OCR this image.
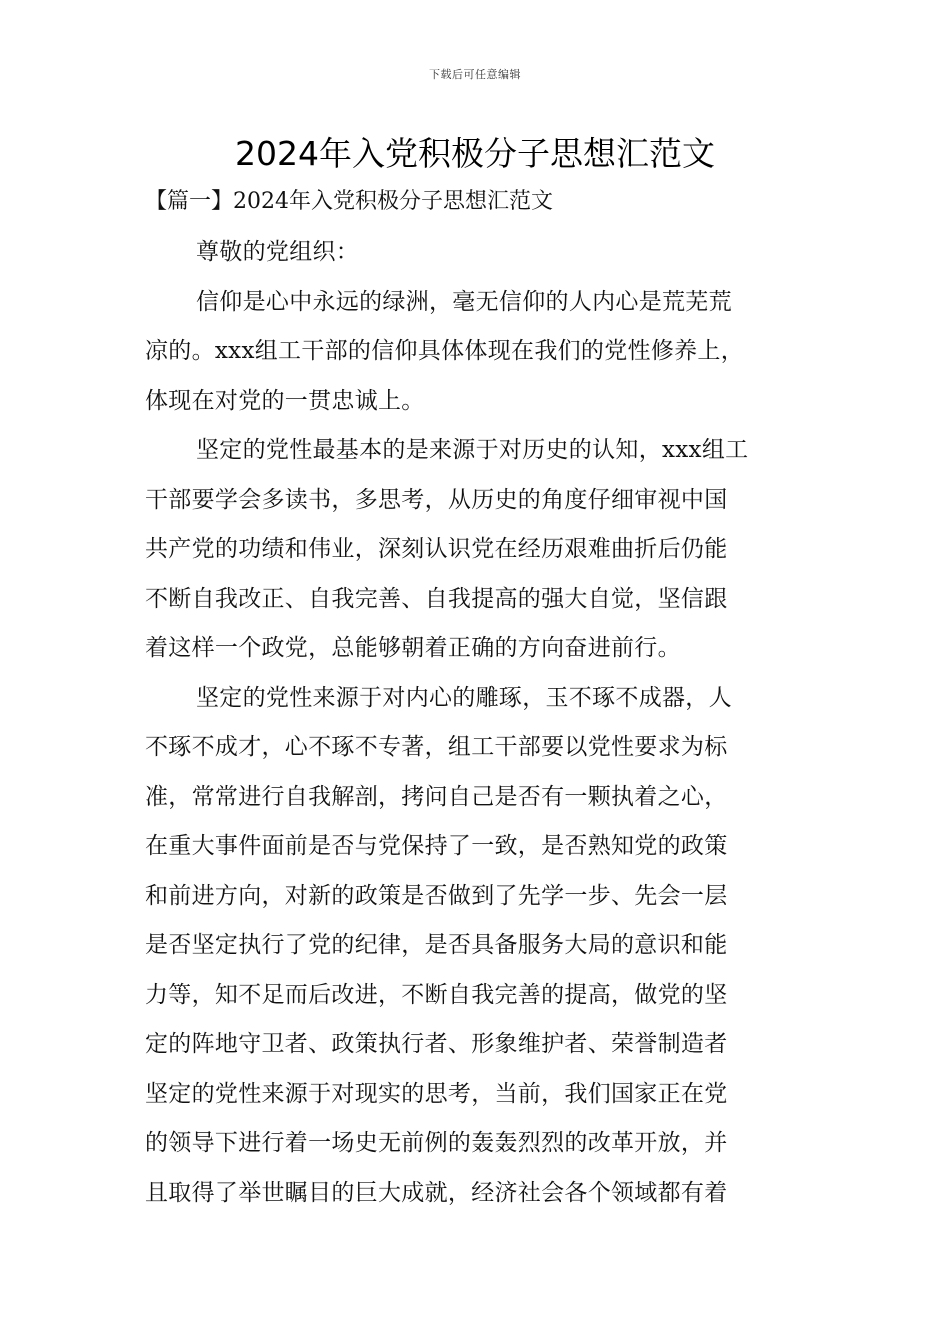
下载后可任意编辑
2024年入党积极分子思想汇范文
【篇一】2024年入党积极分子思想汇范文
尊敬的党组织：
信仰是心中永远的绿洲，毫无信仰的人内心是荒芜荒
凉的。xxx组工干部的信仰具体体现在我们的党性修养上，
体现在对党的一贯忠诚上。
坚定的党性最基本的是来源于对历史的认知，xxx组工
干部要学会多读书，多思考，从历史的角度仔细审视中国
共产党的功绩和伟业，深刻认识党在经历艰难曲折后仍能
不断自我改正、自我完善、自我提高的强大自觉，坚信跟
着这样一个政党，总能够朝着正确的方向奋进前行。
坚定的党性来源于对内心的雕琢，玉不琢不成器，人
不琢不成才，心不琢不专著，组工干部要以党性要求为标
准，常常进行自我解剖，拷问自己是否有一颗执着之心，
在重大事件面前是否与党保持了一致，是否熟知党的政策
和前进方向，对新的政策是否做到了先学一步、先会一层
是否坚定执行了党的纪律，是否具备服务大局的意识和能
力等，知不足而后改进，不断自我完善的提高，做党的坚
定的阵地守卫者、政策执行者、形象维护者、荣誉制造者
坚定的党性来源于对现实的思考，当前，我们国家正在党
的领导下进行着一场史无前例的轰轰烈烈的改革开放，并
且取得了举世瞩目的巨大成就，经济社会各个领域都有着
